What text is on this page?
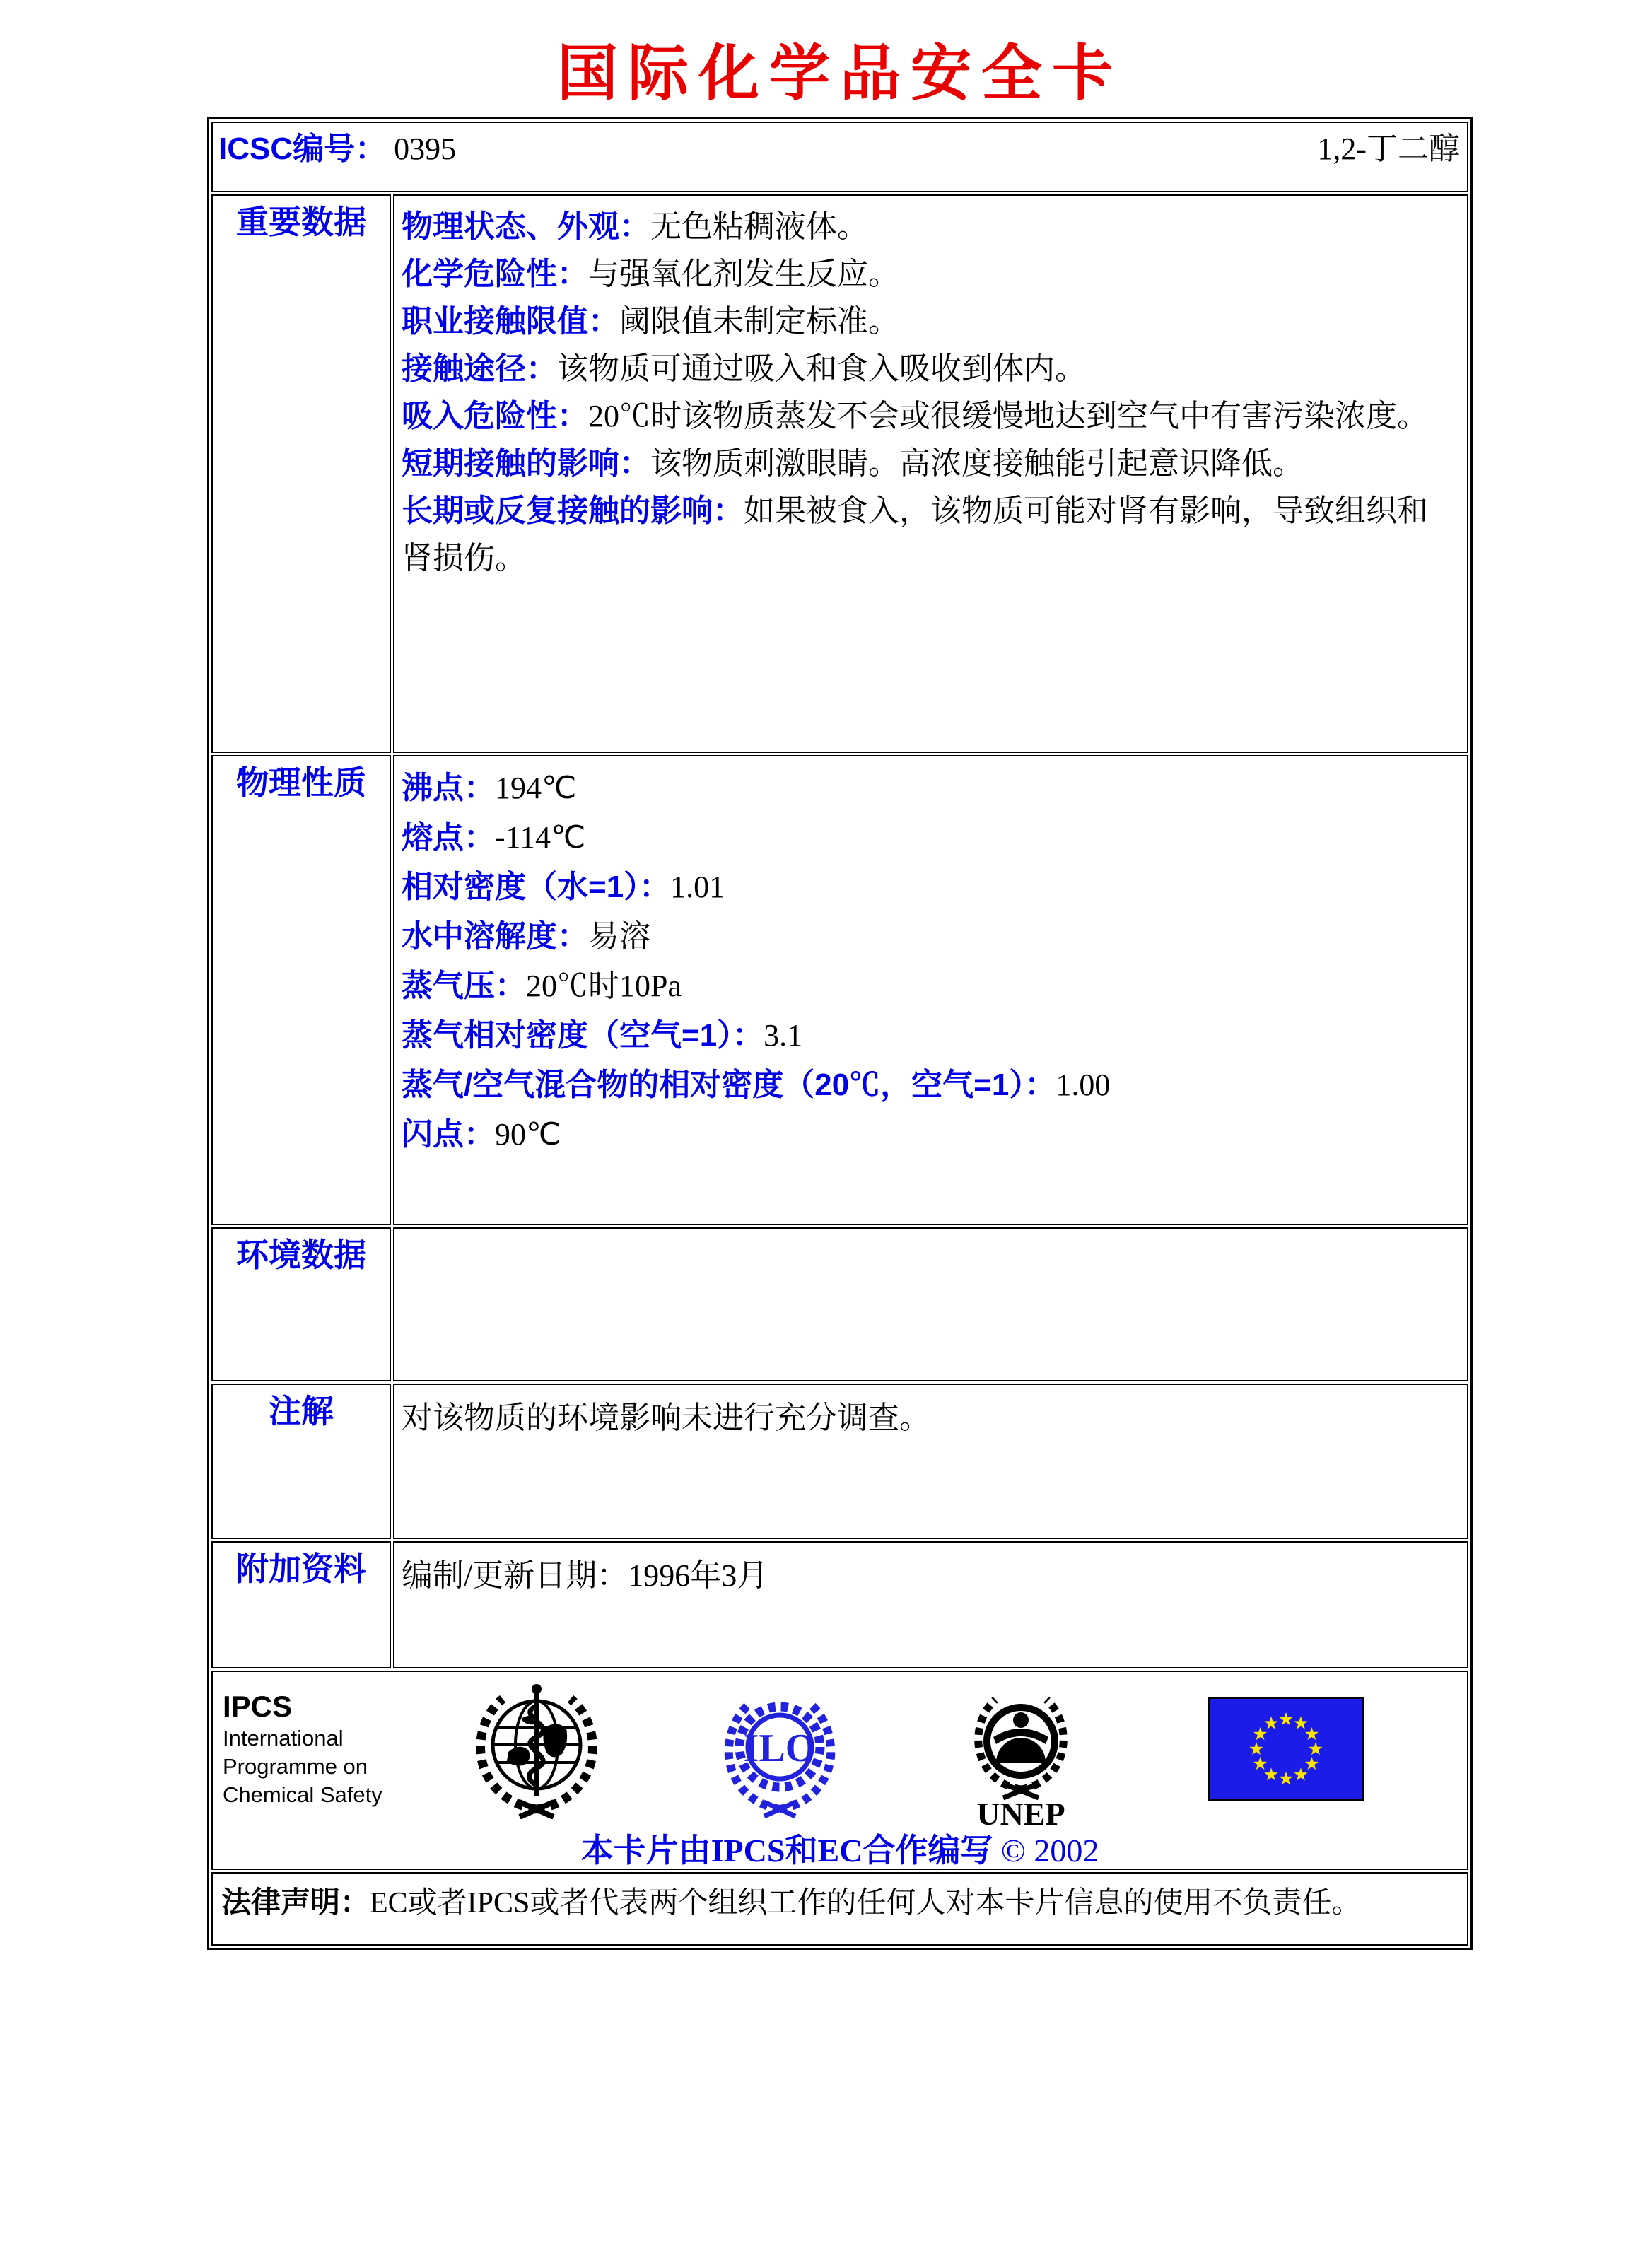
国际化学品安全卡
ICSC编号： 0395 1,2-丁二醇	

重要数据	物理状态、外观：无色粘稠液体。
化学危险性：与强氧化剂发生反应。
职业接触限值：阈限值未制定标准。
接触途径：该物质可通过吸入和食入吸收到体内。
吸入危险性：20℃时该物质蒸发不会或很缓慢地达到空气中有害污染浓度。
短期接触的影响：该物质刺激眼睛。高浓度接触能引起意识降低。
长期或反复接触的影响：如果被食入，该物质可能对肾有影响，导致组织和肾损伤。

物理性质	沸点：194℃
熔点：-114℃
相对密度（水=1）：1.01
水中溶解度：易溶
蒸气压：20℃时10Pa
蒸气相对密度（空气=1）：3.1
蒸气/空气混合物的相对密度（20℃，空气=1）：1.00
闪点：90℃

环境数据	
注解	对该物质的环境影响未进行充分调查。

附加资料	编制/更新日期：1996年3月

IPCS
International
Programme on
Chemical Safety
ILO
UNEP
本卡片由IPCS和EC合作编写 © 2002

法律声明：EC或者IPCS或者代表两个组织工作的任何人对本卡片信息的使用不负责任。	
